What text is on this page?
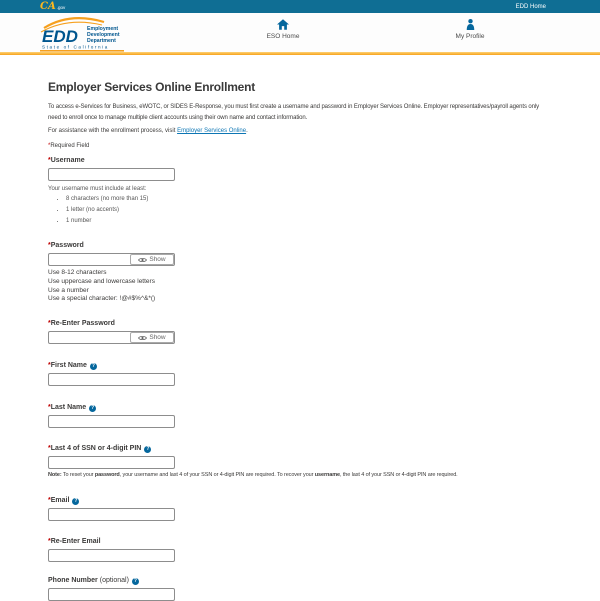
CA .gov	EDD Home
EDD Employment
Development
Department
State of California
ESO Home	My Profile
Employer Services Online Enrollment

To access e-Services for Business, eWOTC, or SIDES E-Response, you must first create a username and password in Employer Services Online. Employer representatives/payroll agents only need to enroll once to manage multiple client accounts using their own name and contact information.

For assistance with the enrollment process, visit Employer Services Online.

*Required Field

*Username
Your username must include at least:
• 8 characters (no more than 15)
• 1 letter (no accents)
• 1 number
*Password
Show
Use 8-12 characters
Use uppercase and lowercase letters
Use a number
Use a special character: !@#$%^&*()
*Re-Enter Password
Show
*First Name ?
*Last Name ?
*Last 4 of SSN or 4-digit PIN ?
Note: To reset your password, your username and last 4 of your SSN or 4-digit PIN are required. To recover your username, the last 4 of your SSN or 4-digit PIN are required.
*Email ?
*Re-Enter Email
Phone Number (optional) ?
